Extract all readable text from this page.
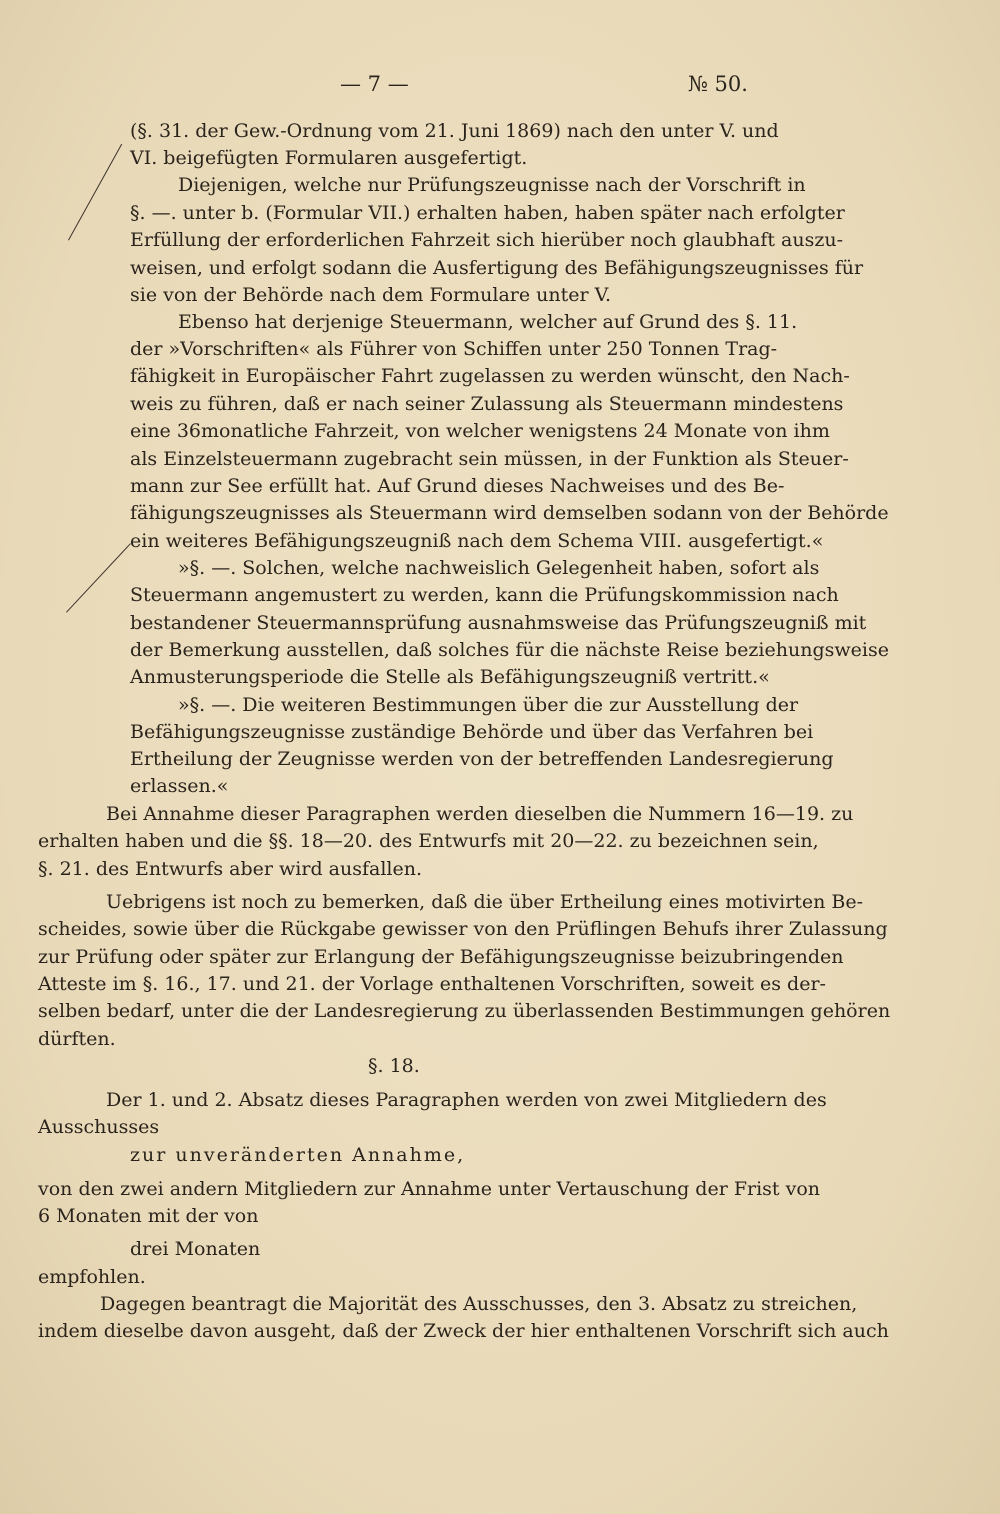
— 7 —	№ 50.
(§. 31. der Gew.-Ordnung vom 21. Juni 1869) nach den unter V. und
VI. beigefügten Formularen ausgefertigt.
Diejenigen, welche nur Prüfungszeugnisse nach der Vorschrift in
§. —. unter b. (Formular VII.) erhalten haben, haben später nach erfolgter
Erfüllung der erforderlichen Fahrzeit sich hierüber noch glaubhaft auszu-
weisen, und erfolgt sodann die Ausfertigung des Befähigungszeugnisses für
sie von der Behörde nach dem Formulare unter V.
Ebenso hat derjenige Steuermann, welcher auf Grund des §. 11.
der »Vorschriften« als Führer von Schiffen unter 250 Tonnen Trag-
fähigkeit in Europäischer Fahrt zugelassen zu werden wünscht, den Nach-
weis zu führen, daß er nach seiner Zulassung als Steuermann mindestens
eine 36monatliche Fahrzeit, von welcher wenigstens 24 Monate von ihm
als Einzelsteuermann zugebracht sein müssen, in der Funktion als Steuer-
mann zur See erfüllt hat. Auf Grund dieses Nachweises und des Be-
fähigungszeugnisses als Steuermann wird demselben sodann von der Behörde
ein weiteres Befähigungszeugniß nach dem Schema VIII. ausgefertigt.«
»§. —. Solchen, welche nachweislich Gelegenheit haben, sofort als
Steuermann angemustert zu werden, kann die Prüfungskommission nach
bestandener Steuermannsprüfung ausnahmsweise das Prüfungszeugniß mit
der Bemerkung ausstellen, daß solches für die nächste Reise beziehungsweise
Anmusterungsperiode die Stelle als Befähigungszeugniß vertritt.«
»§. —. Die weiteren Bestimmungen über die zur Ausstellung der
Befähigungszeugnisse zuständige Behörde und über das Verfahren bei
Ertheilung der Zeugnisse werden von der betreffenden Landesregierung
erlassen.«
Bei Annahme dieser Paragraphen werden dieselben die Nummern 16—19. zu
erhalten haben und die §§. 18—20. des Entwurfs mit 20—22. zu bezeichnen sein,
§. 21. des Entwurfs aber wird ausfallen.
Uebrigens ist noch zu bemerken, daß die über Ertheilung eines motivirten Be-
scheides, sowie über die Rückgabe gewisser von den Prüflingen Behufs ihrer Zulassung
zur Prüfung oder später zur Erlangung der Befähigungszeugnisse beizubringenden
Atteste im §. 16., 17. und 21. der Vorlage enthaltenen Vorschriften, soweit es der-
selben bedarf, unter die der Landesregierung zu überlassenden Bestimmungen gehören
dürften.
§. 18.
Der 1. und 2. Absatz dieses Paragraphen werden von zwei Mitgliedern des
Ausschusses
zur unveränderten Annahme,
von den zwei andern Mitgliedern zur Annahme unter Vertauschung der Frist von
6 Monaten mit der von
drei Monaten
empfohlen.
Dagegen beantragt die Majorität des Ausschusses, den 3. Absatz zu streichen,
indem dieselbe davon ausgeht, daß der Zweck der hier enthaltenen Vorschrift sich auch
